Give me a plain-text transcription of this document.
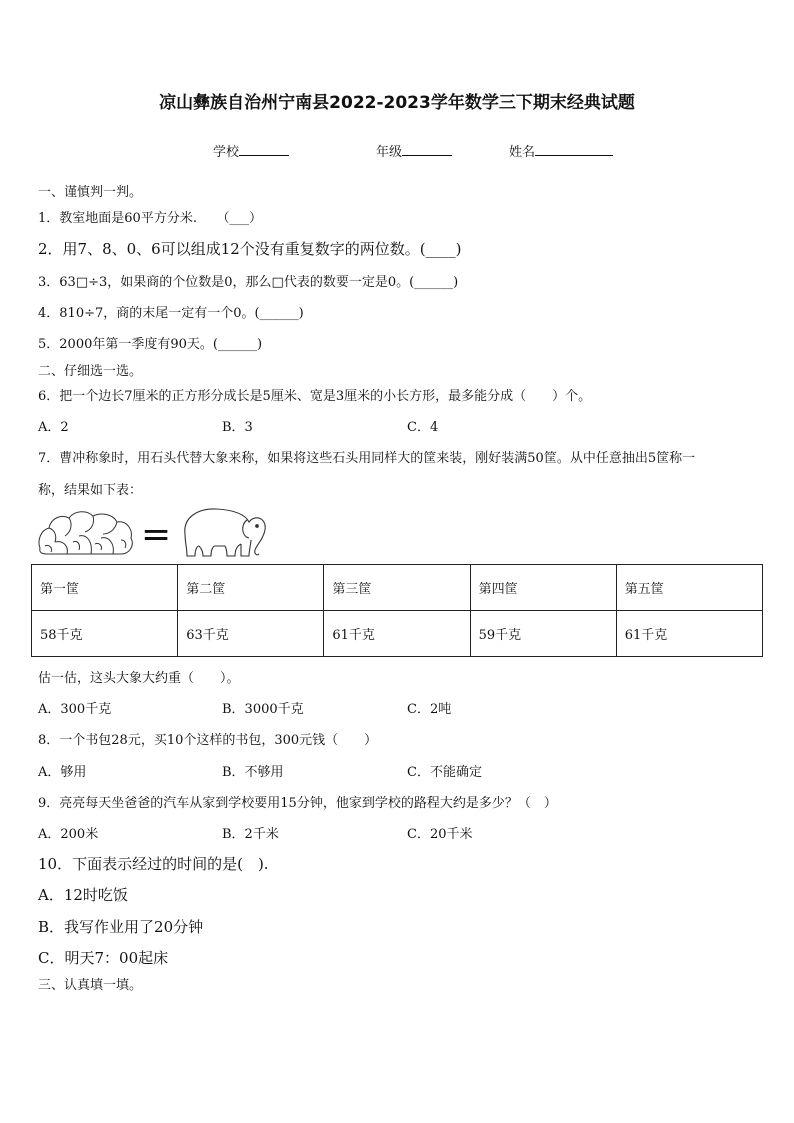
凉山彝族自治州宁南县2022-2023学年数学三下期末经典试题
学校	年级	姓名
一、谨慎判一判。
1．教室地面是60平方分米.　　（___）
2．用7、8、0、6可以组成12个没有重复数字的两位数。(____)
3．63□÷3，如果商的个位数是0，那么□代表的数要一定是0。(______)
4．810÷7，商的末尾一定有一个0。(______)
5．2000年第一季度有90天。(______)
二、仔细选一选。
6．把一个边长7厘米的正方形分成长是5厘米、宽是3厘米的小长方形，最多能分成（　　）个。
A．2	B．3	C．4
7．曹冲称象时，用石头代替大象来称，如果将这些石头用同样大的筐来装，刚好装满50筐。从中任意抽出5筐称一
称，结果如下表：
=
第一筐	第二筐	第三筐	第四筐	第五筐
58千克	63千克	61千克	59千克	61千克
估一估，这头大象大约重（　　）。
A．300千克	B．3000千克	C．2吨
8．一个书包28元，买10个这样的书包，300元钱（　　）
A．够用	B．不够用	C．不能确定
9．亮亮每天坐爸爸的汽车从家到学校要用15分钟，他家到学校的路程大约是多少？（　）
A．200米	B．2千米	C．20千米
10．下面表示经过的时间的是(　).
A．12时吃饭
B．我写作业用了20分钟
C．明天7：00起床
三、认真填一填。
